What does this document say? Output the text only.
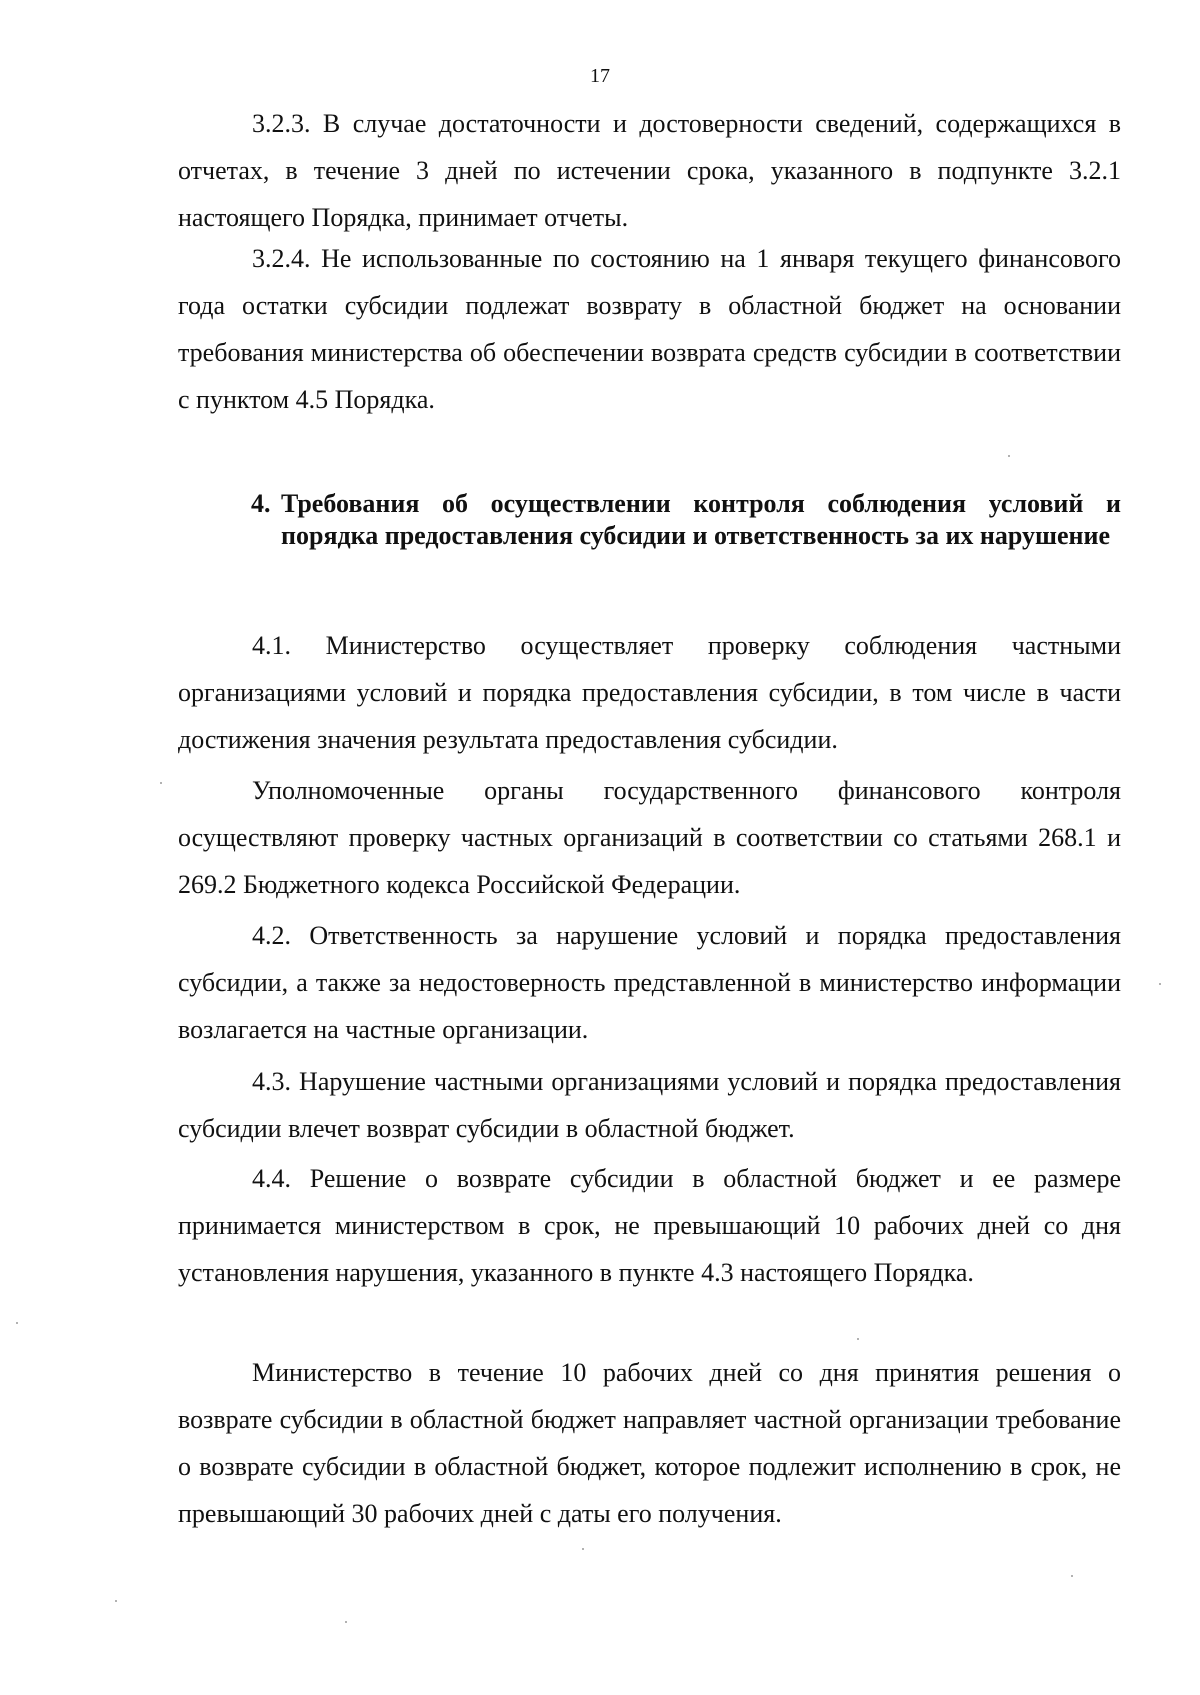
17

3.2.3. В случае достаточности и достоверности сведений, содержащихся в отчетах, в течение 3 дней по истечении срока, указанного в подпункте 3.2.1 настоящего Порядка, принимает отчеты.

3.2.4. Не использованные по состоянию на 1 января текущего финансового года остатки субсидии подлежат возврату в областной бюджет на основании требования министерства об обеспечении возврата средств субсидии в соответствии с пунктом 4.5 Порядка.

4. Требования об осуществлении контроля соблюдения условий и порядка предоставления субсидии и ответственность за их нарушение

4.1. Министерство осуществляет проверку соблюдения частными организациями условий и порядка предоставления субсидии, в том числе в части достижения значения результата предоставления субсидии.

Уполномоченные органы государственного финансового контроля осуществляют проверку частных организаций в соответствии со статьями 268.1 и 269.2 Бюджетного кодекса Российской Федерации.

4.2. Ответственность за нарушение условий и порядка предоставления субсидии, а также за недостоверность представленной в министерство информации возлагается на частные организации.

4.3. Нарушение частными организациями условий и порядка предоставления субсидии влечет возврат субсидии в областной бюджет.

4.4. Решение о возврате субсидии в областной бюджет и ее размере принимается министерством в срок, не превышающий 10 рабочих дней со дня установления нарушения, указанного в пункте 4.3 настоящего Порядка.

Министерство в течение 10 рабочих дней со дня принятия решения о возврате субсидии в областной бюджет направляет частной организации требование о возврате субсидии в областной бюджет, которое подлежит исполнению в срок, не превышающий 30 рабочих дней с даты его получения.
